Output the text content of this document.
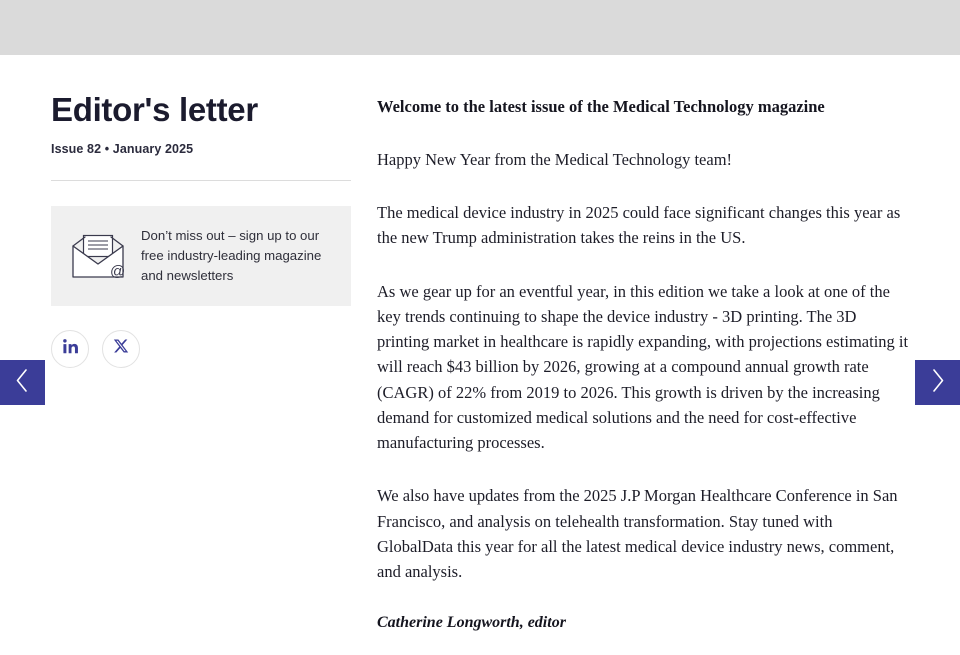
Editor's letter
Issue 82 • January 2025
@
Don’t miss out – sign up to our free industry-leading magazine and newsletters

Welcome to the latest issue of the Medical Technology magazine

Happy New Year from the Medical Technology team!

The medical device industry in 2025 could face significant changes this year as the new Trump administration takes the reins in the US.

As we gear up for an eventful year, in this edition we take a look at one of the key trends continuing to shape the device industry - 3D printing. The 3D printing market in healthcare is rapidly expanding, with projections estimating it will reach $43 billion by 2026, growing at a compound annual growth rate (CAGR) of 22% from 2019 to 2026. This growth is driven by the increasing demand for customized medical solutions and the need for cost-effective manufacturing processes.

We also have updates from the 2025 J.P Morgan Healthcare Conference in San Francisco, and analysis on telehealth transformation. Stay tuned with GlobalData this year for all the latest medical device industry news, comment, and analysis.

Catherine Longworth, editor
